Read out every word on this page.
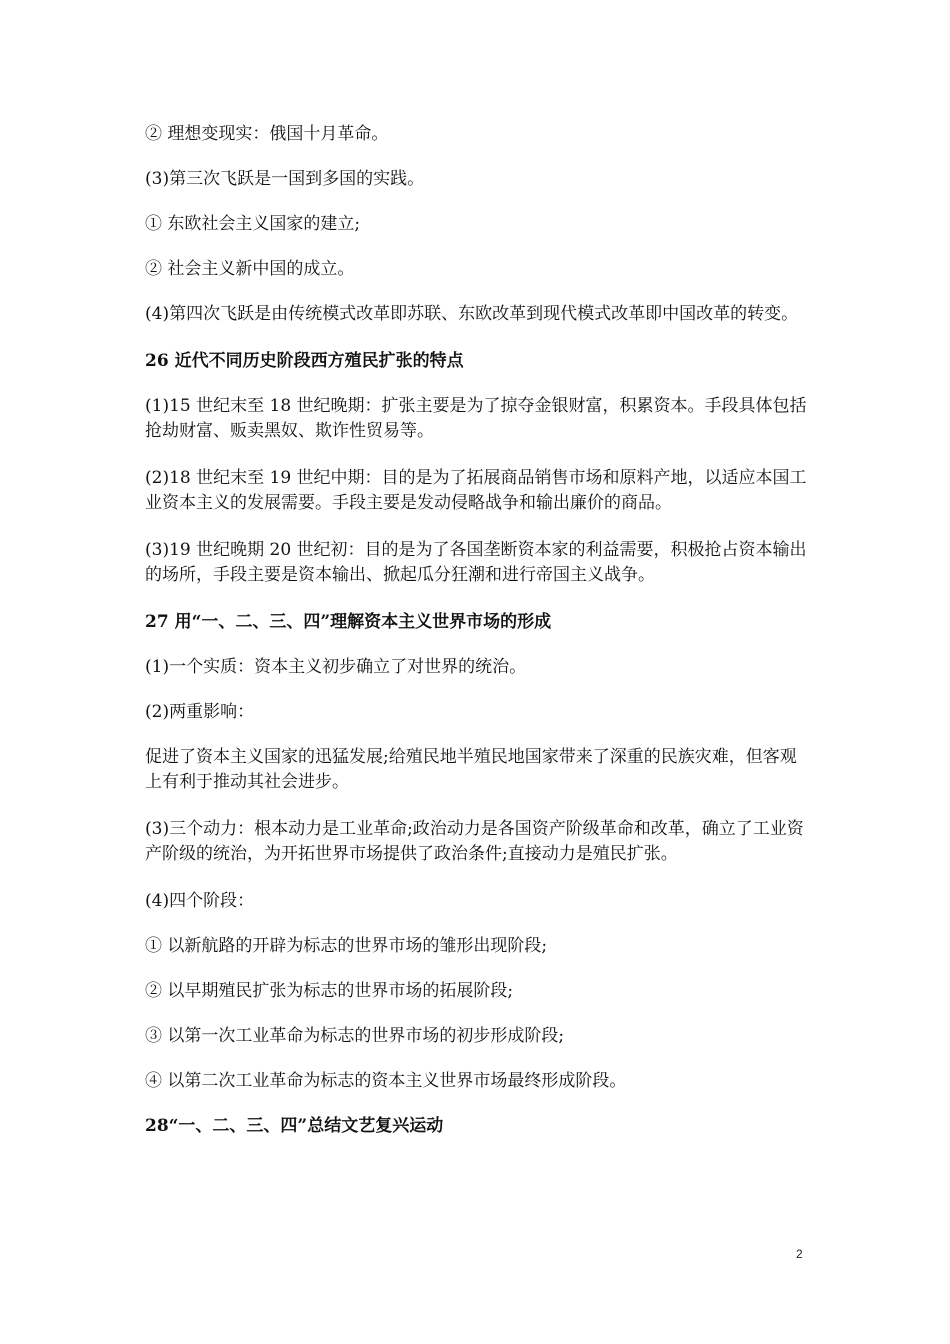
② 理想变现实：俄国十月革命。

(3)第三次飞跃是一国到多国的实践。

① 东欧社会主义国家的建立;

② 社会主义新中国的成立。

(4)第四次飞跃是由传统模式改革即苏联、东欧改革到现代模式改革即中国改革的转变。

26 近代不同历史阶段西方殖民扩张的特点

(1)15 世纪末至 18 世纪晚期：扩张主要是为了掠夺金银财富，积累资本。手段具体包括抢劫财富、贩卖黑奴、欺诈性贸易等。

(2)18 世纪末至 19 世纪中期：目的是为了拓展商品销售市场和原料产地，以适应本国工业资本主义的发展需要。手段主要是发动侵略战争和输出廉价的商品。

(3)19 世纪晚期 20 世纪初：目的是为了各国垄断资本家的利益需要，积极抢占资本输出的场所，手段主要是资本输出、掀起瓜分狂潮和进行帝国主义战争。

27 用“一、二、三、四”理解资本主义世界市场的形成

(1)一个实质：资本主义初步确立了对世界的统治。

(2)两重影响：

促进了资本主义国家的迅猛发展;给殖民地半殖民地国家带来了深重的民族灾难，但客观上有利于推动其社会进步。

(3)三个动力：根本动力是工业革命;政治动力是各国资产阶级革命和改革，确立了工业资产阶级的统治，为开拓世界市场提供了政治条件;直接动力是殖民扩张。

(4)四个阶段：

① 以新航路的开辟为标志的世界市场的雏形出现阶段;

② 以早期殖民扩张为标志的世界市场的拓展阶段;

③ 以第一次工业革命为标志的世界市场的初步形成阶段;

④ 以第二次工业革命为标志的资本主义世界市场最终形成阶段。

28“一、二、三、四”总结文艺复兴运动

2
